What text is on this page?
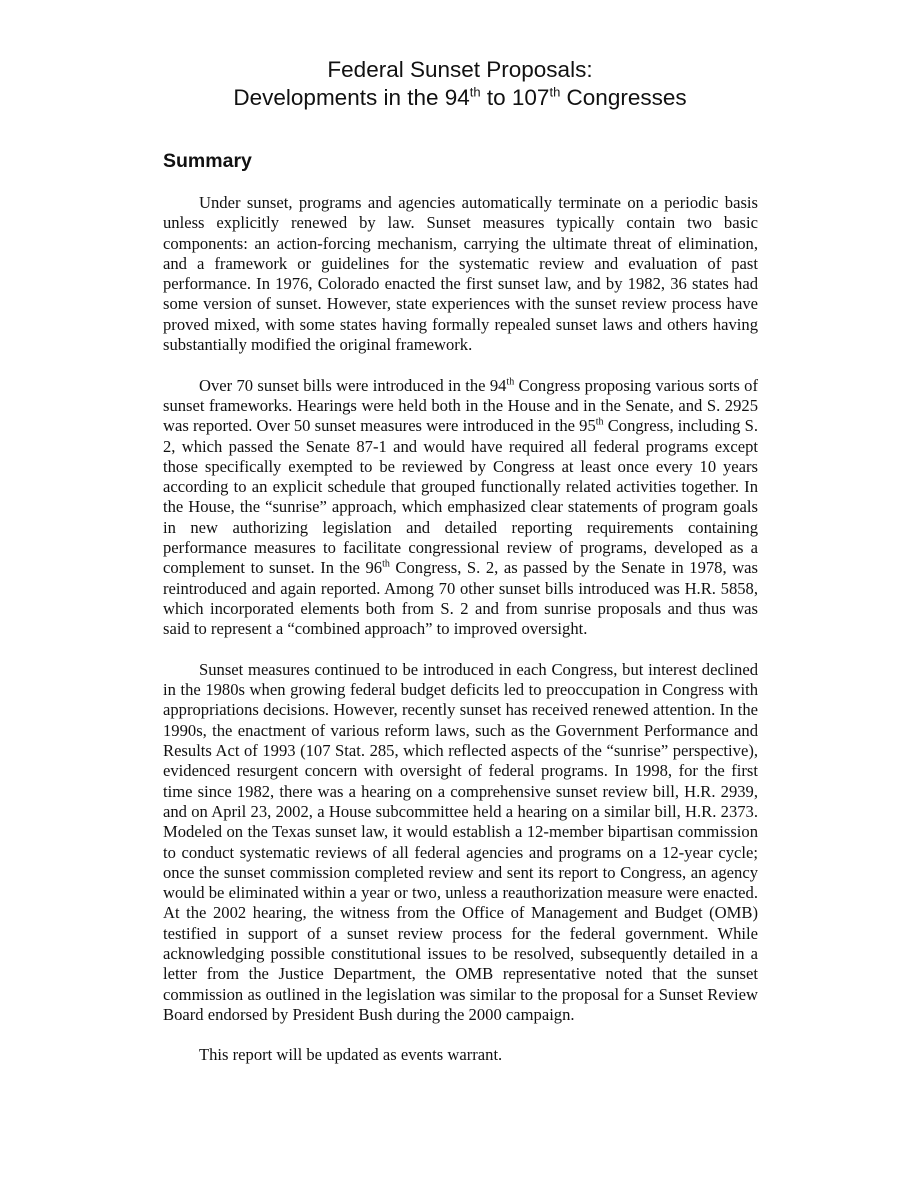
Federal Sunset Proposals:
Developments in the 94th to 107th Congresses
Summary

Under sunset, programs and agencies automatically terminate on a periodic basis unless explicitly renewed by law. Sunset measures typically contain two basic components: an action-forcing mechanism, carrying the ultimate threat of elimination, and a framework or guidelines for the systematic review and evaluation of past performance. In 1976, Colorado enacted the first sunset law, and by 1982, 36 states had some version of sunset. However, state experiences with the sunset review process have proved mixed, with some states having formally repealed sunset laws and others having substantially modified the original framework.

Over 70 sunset bills were introduced in the 94th Congress proposing various sorts of sunset frameworks. Hearings were held both in the House and in the Senate, and S. 2925 was reported. Over 50 sunset measures were introduced in the 95th Congress, including S. 2, which passed the Senate 87-1 and would have required all federal programs except those specifically exempted to be reviewed by Congress at least once every 10 years according to an explicit schedule that grouped functionally related activities together. In the House, the “sunrise” approach, which emphasized clear statements of program goals in new authorizing legislation and detailed reporting requirements containing performance measures to facilitate congressional review of programs, developed as a complement to sunset. In the 96th Congress, S. 2, as passed by the Senate in 1978, was reintroduced and again reported. Among 70 other sunset bills introduced was H.R. 5858, which incorporated elements both from S. 2 and from sunrise proposals and thus was said to represent a “combined approach” to improved oversight.

Sunset measures continued to be introduced in each Congress, but interest declined in the 1980s when growing federal budget deficits led to preoccupation in Congress with appropriations decisions. However, recently sunset has received renewed attention. In the 1990s, the enactment of various reform laws, such as the Government Performance and Results Act of 1993 (107 Stat. 285, which reflected aspects of the “sunrise” perspective), evidenced resurgent concern with oversight of federal programs. In 1998, for the first time since 1982, there was a hearing on a comprehensive sunset review bill, H.R. 2939, and on April 23, 2002, a House subcommittee held a hearing on a similar bill, H.R. 2373. Modeled on the Texas sunset law, it would establish a 12-member bipartisan commission to conduct systematic reviews of all federal agencies and programs on a 12-year cycle; once the sunset commission completed review and sent its report to Congress, an agency would be eliminated within a year or two, unless a reauthorization measure were enacted. At the 2002 hearing, the witness from the Office of Management and Budget (OMB) testified in support of a sunset review process for the federal government. While acknowledging possible constitutional issues to be resolved, subsequently detailed in a letter from the Justice Department, the OMB representative noted that the sunset commission as outlined in the legislation was similar to the proposal for a Sunset Review Board endorsed by President Bush during the 2000 campaign.

This report will be updated as events warrant.
